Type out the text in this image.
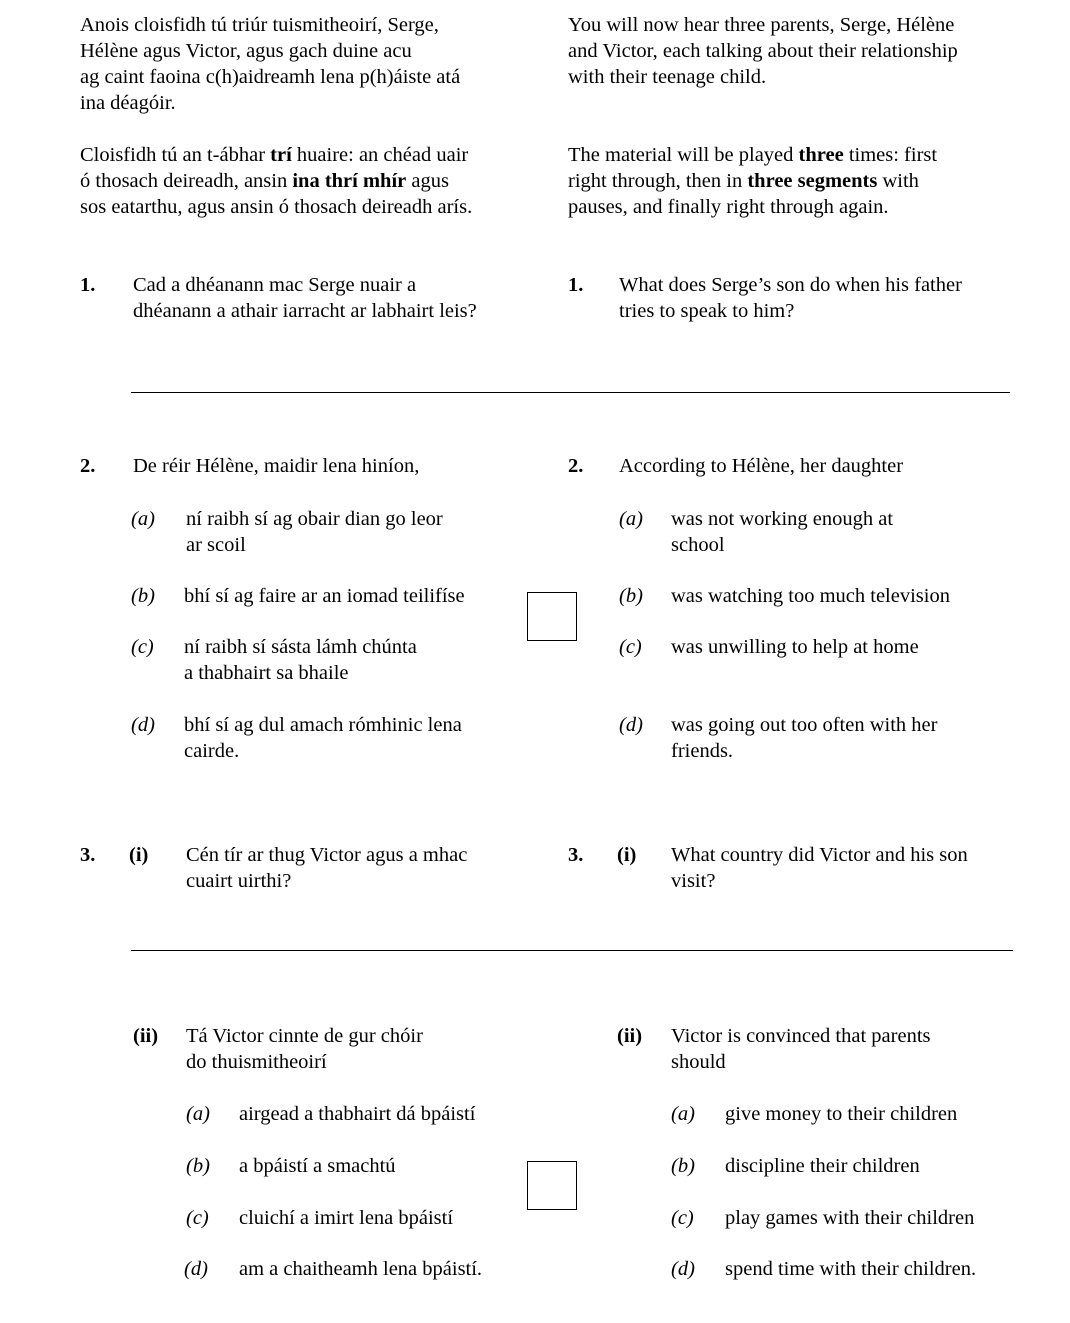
Anois cloisfidh tú triúr tuismitheoirí, Serge,
Hélène agus Victor, agus gach duine acu
ag caint faoina c(h)aidreamh lena p(h)áiste atá
ina déagóir.
You will now hear three parents, Serge, Hélène
and Victor, each talking about their relationship
with their teenage child.
Cloisfidh tú an t-ábhar trí huaire: an chéad uair
ó thosach deireadh, ansin ina thrí mhír agus
sos eatarthu, agus ansin ó thosach deireadh arís.
The material will be played three times: first
right through, then in three segments with
pauses, and finally right through again.
1. Cad a dhéanann mac Serge nuair a
dhéanann a athair iarracht ar labhairt leis?
1. What does Serge’s son do when his father
tries to speak to him?
2. De réir Hélène, maidir lena hiníon,	2. According to Hélène, her daughter
(a) ní raibh sí ag obair dian go leor
ar scoil
(a) was not working enough at
school
(b) bhí sí ag faire ar an iomad teilifíse	(b) was watching too much television
(c) ní raibh sí sásta lámh chúnta
a thabhairt sa bhaile
(c) was unwilling to help at home
(d) bhí sí ag dul amach rómhinic lena
cairde.
(d) was going out too often with her
friends.
3. (i) Cén tír ar thug Victor agus a mhac
cuairt uirthi?
3. (i) What country did Victor and his son
visit?
(ii) Tá Victor cinnte de gur chóir
do thuismitheoirí
(ii) Victor is convinced that parents
should
(a) airgead a thabhairt dá bpáistí	(a) give money to their children
(b) a bpáistí a smachtú	(b) discipline their children
(c) cluichí a imirt lena bpáistí	(c) play games with their children
(d) am a chaitheamh lena bpáistí.	(d) spend time with their children.
